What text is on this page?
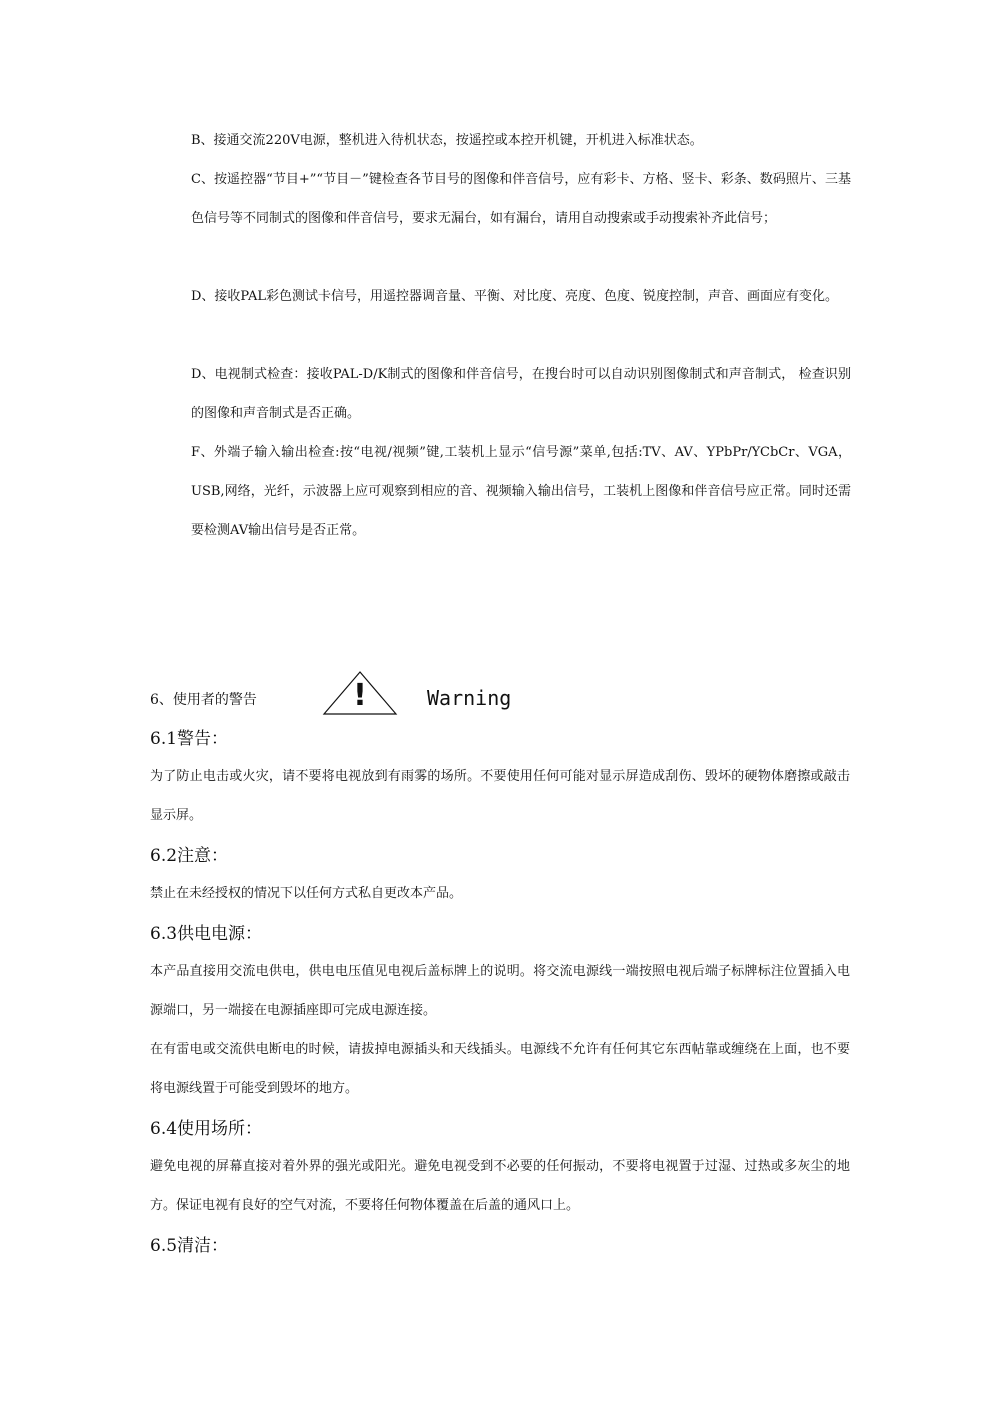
B、接通交流220V电源，整机进入待机状态，按遥控或本控开机键，开机进入标准状态。

C、按遥控器“节目+”“节目－”键检查各节目号的图像和伴音信号，应有彩卡、方格、竖卡、彩条、数码照片、三基色信号等不同制式的图像和伴音信号，要求无漏台，如有漏台，请用自动搜索或手动搜索补齐此信号；

D、接收PAL彩色测试卡信号，用遥控器调音量、平衡、对比度、亮度、色度、锐度控制，声音、画面应有变化。

D、电视制式检查：接收PAL-D/K制式的图像和伴音信号，在搜台时可以自动识别图像制式和声音制式， 检查识别的图像和声音制式是否正确。

F、外端子输入输出检查:按“电视/视频”键,工装机上显示“信号源”菜单,包括:TV、AV、YPbPr/YCbCr、VGA，USB,网络，光纤，示波器上应可观察到相应的音、视频输入输出信号，工装机上图像和伴音信号应正常。同时还需要检测AV输出信号是否正常。

6、使用者的警告	!	Warning
6.1警告：

为了防止电击或火灾，请不要将电视放到有雨雾的场所。不要使用任何可能对显示屏造成刮伤、毁坏的硬物体磨擦或敲击显示屏。

6.2注意：

禁止在未经授权的情况下以任何方式私自更改本产品。

6.3供电电源：

本产品直接用交流电供电，供电电压值见电视后盖标牌上的说明。将交流电源线一端按照电视后端子标牌标注位置插入电源端口，另一端接在电源插座即可完成电源连接。

在有雷电或交流供电断电的时候，请拔掉电源插头和天线插头。电源线不允许有任何其它东西帖靠或缠绕在上面，也不要将电源线置于可能受到毁坏的地方。

6.4使用场所：

避免电视的屏幕直接对着外界的强光或阳光。避免电视受到不必要的任何振动，不要将电视置于过湿、过热或多灰尘的地方。保证电视有良好的空气对流，不要将任何物体覆盖在后盖的通风口上。

6.5清洁：
